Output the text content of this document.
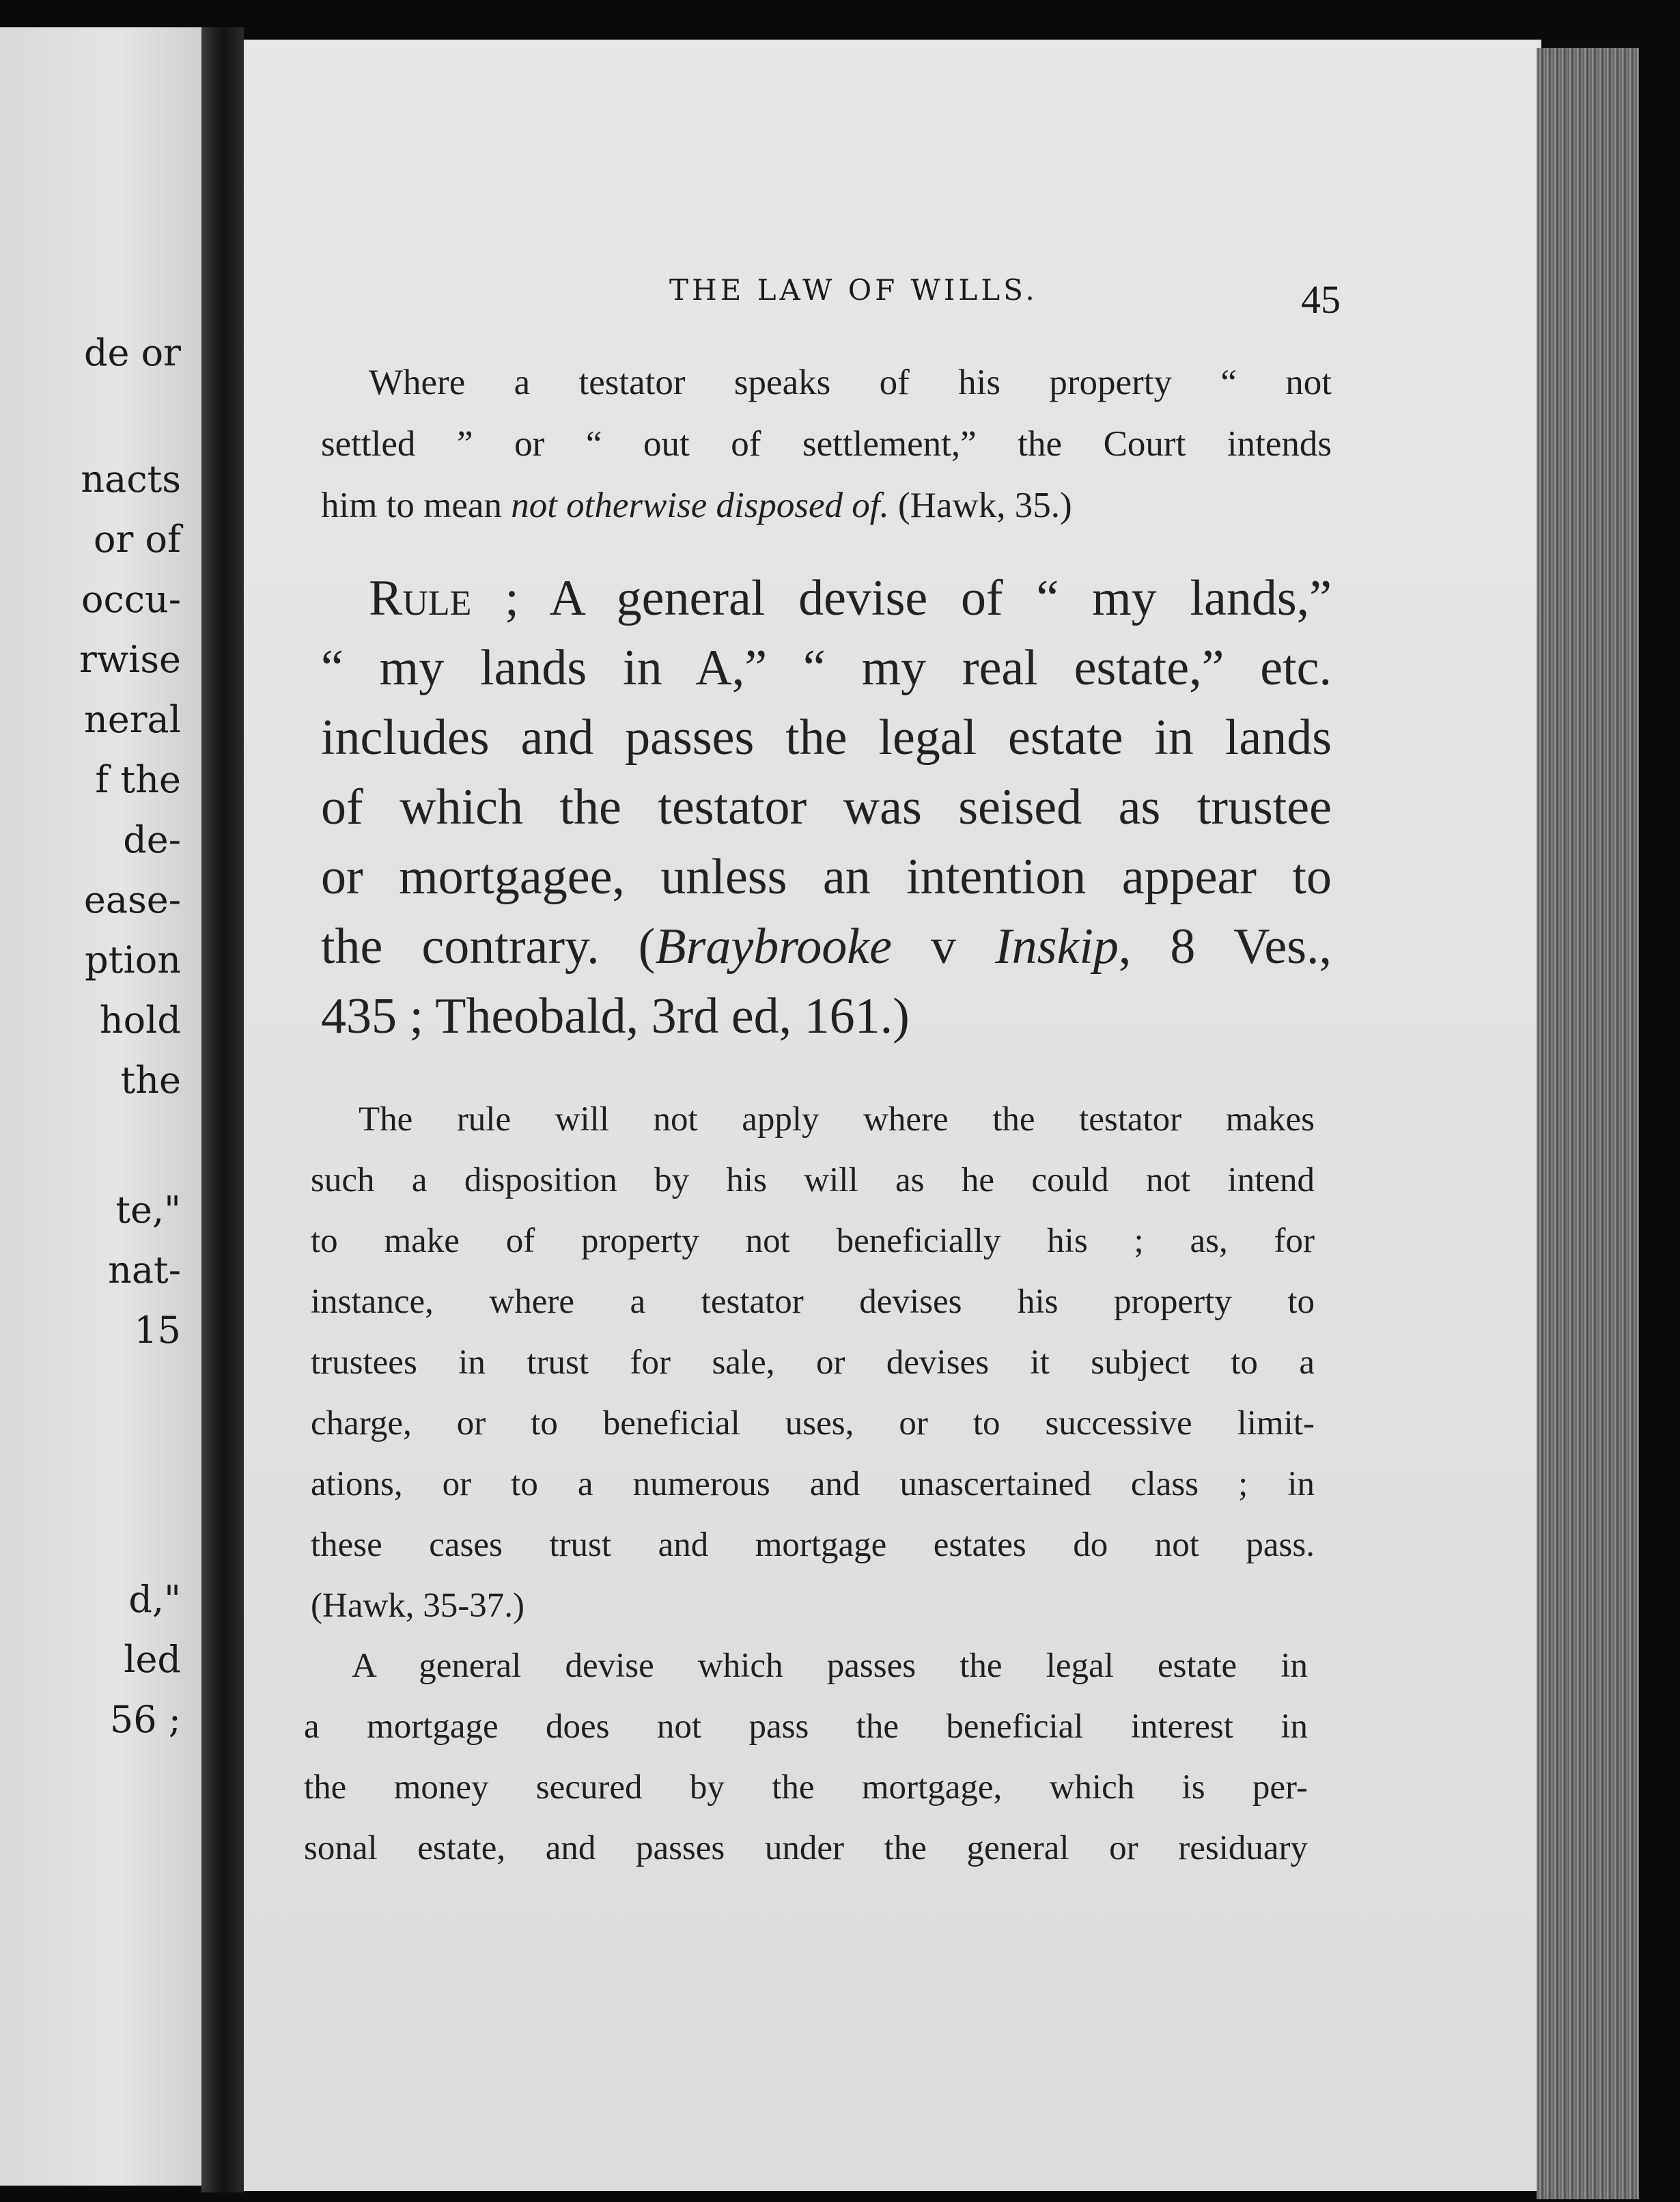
de or
nacts
or of
occu-
rwise
neral
f the
de-
ease-
ption
hold
the
te,"
nat-
15
d,"
led
56 ;
THE LAW OF WILLS.	45
Where a testator speaks of his property “ not
settled ” or “ out of settlement,” the Court intends
him to mean not otherwise disposed of. (Hawk, 35.)
Rule ; A general devise of “ my lands,”
“ my lands in A,” “ my real estate,” etc.
includes and passes the legal estate in lands
of which the testator was seised as trustee
or mortgagee, unless an intention appear to
the contrary. (Braybrooke v Inskip, 8 Ves.,
435 ; Theobald, 3rd ed, 161.)
The rule will not apply where the testator makes
such a disposition by his will as he could not intend
to make of property not beneficially his ; as, for
instance, where a testator devises his property to
trustees in trust for sale, or devises it subject to a
charge, or to beneficial uses, or to successive limit-
ations, or to a numerous and unascertained class ; in
these cases trust and mortgage estates do not pass.
(Hawk, 35-37.)
A general devise which passes the legal estate in
a mortgage does not pass the beneficial interest in
the money secured by the mortgage, which is per-
sonal estate, and passes under the general or residuary
